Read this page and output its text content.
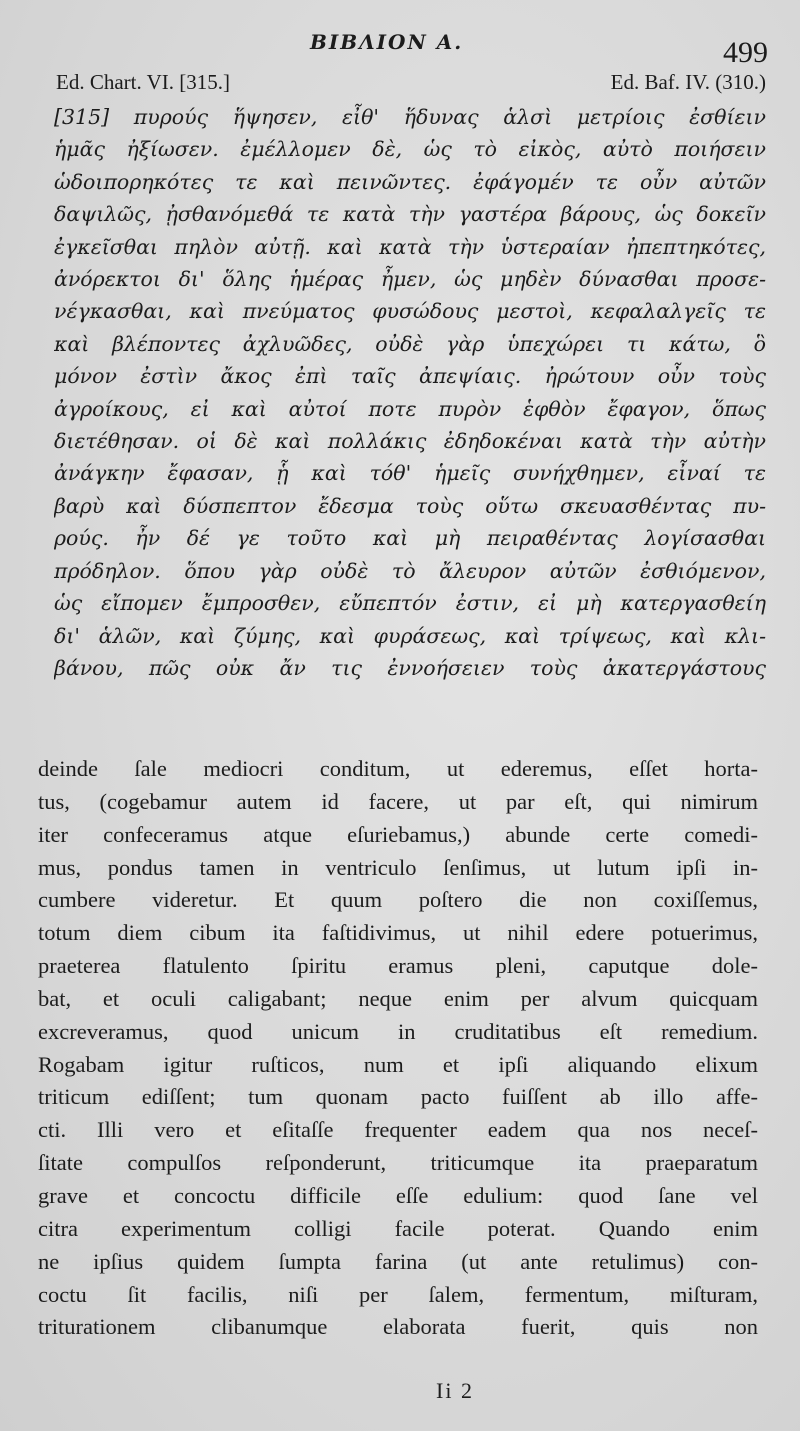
ΒΙΒΛΙΟΝ Α.	499
Ed. Chart. VI. [315.]	Ed. Baf. IV. (310.)
[315] πυρούς ἥψησεν, εἶθ' ἥδυνας ἁλσὶ μετρίοις ἐσθίειν
ἡμᾶς ἠξίωσεν. ἐμέλλομεν δὲ, ὡς τὸ εἰκὸς, αὐτὸ ποιήσειν
ὡδοιπορηκότες τε καὶ πεινῶντες. ἐφάγομέν τε οὖν αὐτῶν
δαψιλῶς, ᾐσθανόμεθά τε κατὰ τὴν γαστέρα βάρους, ὡς δοκεῖν
ἐγκεῖσθαι πηλὸν αὐτῇ. καὶ κατὰ τὴν ὑστεραίαν ἠπεπτηκότες,
ἀνόρεκτοι δι' ὅλης ἡμέρας ἦμεν, ὡς μηδὲν δύνασθαι προσε-
νέγκασθαι, καὶ πνεύματος φυσώδους μεστοὶ, κεφαλαλγεῖς τε
καὶ βλέποντες ἀχλυῶδες, οὐδὲ γὰρ ὑπεχώρει τι κάτω, ὃ
μόνον ἐστὶν ἄκος ἐπὶ ταῖς ἀπεψίαις. ἠρώτουν οὖν τοὺς
ἀγροίκους, εἰ καὶ αὐτοί ποτε πυρὸν ἑφθὸν ἔφαγον, ὅπως
διετέθησαν. οἱ δὲ καὶ πολλάκις ἐδηδοκέναι κατὰ τὴν αὐτὴν
ἀνάγκην ἔφασαν, ᾗ καὶ τόθ' ἡμεῖς συνήχθημεν, εἶναί τε
βαρὺ καὶ δύσπεπτον ἔδεσμα τοὺς οὕτω σκευασθέντας πυ-
ρούς. ἦν δέ γε τοῦτο καὶ μὴ πειραθέντας λογίσασθαι
πρόδηλον. ὅπου γὰρ οὐδὲ τὸ ἄλευρον αὐτῶν ἐσθιόμενον,
ὡς εἴπομεν ἔμπροσθεν, εὔπεπτόν ἐστιν, εἰ μὴ κατεργασθείη
δι' ἁλῶν, καὶ ζύμης, καὶ φυράσεως, καὶ τρίψεως, καὶ κλι-
βάνου, πῶς οὐκ ἄν τις ἐννοήσειεν τοὺς ἀκατεργάστους
deinde ſale mediocri conditum, ut ederemus, eſſet horta-
tus, (cogebamur autem id facere, ut par eſt, qui nimirum
iter confeceramus atque eſuriebamus,) abunde certe comedi-
mus, pondus tamen in ventriculo ſenſimus, ut lutum ipſi in-
cumbere videretur. Et quum poſtero die non coxiſſemus,
totum diem cibum ita faſtidivimus, ut nihil edere potuerimus,
praeterea flatulento ſpiritu eramus pleni, caputque dole-
bat, et oculi caligabant; neque enim per alvum quicquam
excreveramus, quod unicum in cruditatibus eſt remedium.
Rogabam igitur ruſticos, num et ipſi aliquando elixum
triticum ediſſent; tum quonam pacto fuiſſent ab illo affe-
cti. Illi vero et eſitaſſe frequenter eadem qua nos neceſ-
ſitate compulſos reſponderunt, triticumque ita praeparatum
grave et concoctu difficile eſſe edulium: quod ſane vel
citra experimentum colligi facile poterat. Quando enim
ne ipſius quidem ſumpta farina (ut ante retulimus) con-
coctu ſit facilis, niſi per ſalem, fermentum, miſturam,
triturationem clibanumque elaborata fuerit, quis non
Ii 2
